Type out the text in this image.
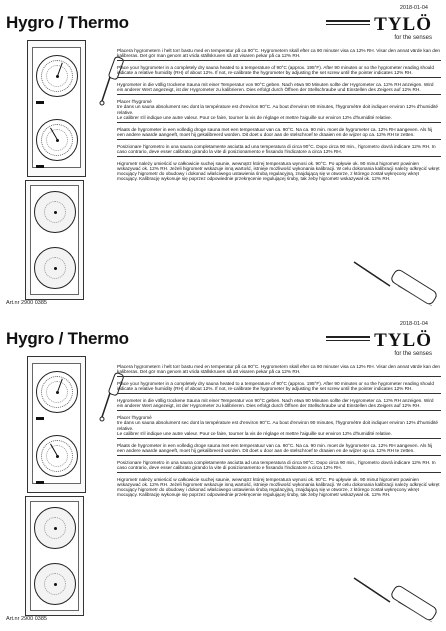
Hygro / Thermo
2018-01-04
TYLÖ
for the senses
Art.nr 2900 0385
Placera hygrometern i helt torr bastu med en temperatur på ca 90°C. Hygrometern skall efter ca 90 minuter visa ca 12% RH. Visar den annat värde kan den kalibreras. Det gör man genom att vrida ställskruven så att visaren pekar på ca 12% RH.
Place your hygrometer in a completely dry sauna heated to a temperature of 90°C (approx. 195°F). After 90 minutes or so the hygrometer reading should indicate a relative humidity (RH) of about 12%. If not, re-calibrate the hygrometer by adjusting the set screw until the pointer indicates 12% RH.
Hygrometer in die völlig trockene Sauna mit einer Temperatur von 90°C geben. Nach etwa 90 Minuten sollte der Hygrometer ca. 12% RH anzeigen. Wird ein anderer Wert angezeigt, ist der Hygrometer zu kalibrieren. Dies erfolgt durch Öffnen der Stellschraube und Einstellen des Zeigers auf 12% RH.
Placer l'hygromè
tre dans un sauna absolument sec dont la température est d'environ 90°C. Au bout d'environ 90 minutes, l'hygromètre doit indiquer environ 12% d'humidité relative.
Le calibrer s'il indique une autre valeur. Pour ce faire, tourner la vis de réglage et mettre l'aiguille sur environ 12% d'humidité relative.
Plaats de hygrometer in een volledig droge sauna met een temperatuur van ca. 90°C. Na ca. 90 min. moet de hygrometer ca. 12% RH aangeven. Als hij een andere waarde aangeeft, moet hij gekalibreerd worden. Dit doet u door aan de stelschroef te draaien en de wijzer op ca. 12% RH te zetten.
Posizionare l'igrometro in una sauna completamente asciutta ad una temperatura di circa 90°C. Dopo circa 90 min., l'igrometro dovrà indicare 12% RH. In caso contrario, deve esser calibrato girando la vite di posizionamento e fissando l'indicatore a circa 12% RH.
Higrometr należy umieścić w całkowicie suchej saunie, wewnątrz której temperatura wynosi ok. 90°C. Po upływie ok. 90 minut higrometr powinien wskazywać ok. 12% RH. Jeżeli higrometr wskazuje inną wartość, istnieje możliwość wykonania kalibracji. W celu dokonania kalibracji należy odkręcić wkręt mocujący higrometr do obudowy i dokonać właściwego ustawienia śrubą regulacyjną, znajdującą się w otworze, z którego został wykręcony wkręt mocujący. Kalibrację wykonuje się poprzez odpowiednie przekręcenie regulującej śruby, tak żeby higrometr wskazywał ok. 12% RH.
Hygro / Thermo
2018-01-04
TYLÖ
for the senses
Art.nr 2900 0385
Placera hygrometern i helt torr bastu med en temperatur på ca 90°C. Hygrometern skall efter ca 90 minuter visa ca 12% RH. Visar den annat värde kan den kalibreras. Det gör man genom att vrida ställskruven så att visaren pekar på ca 12% RH.
Place your hygrometer in a completely dry sauna heated to a temperature of 90°C (approx. 195°F). After 90 minutes or so the hygrometer reading should indicate a relative humidity (RH) of about 12%. If not, re-calibrate the hygrometer by adjusting the set screw until the pointer indicates 12% RH.
Hygrometer in die völlig trockene Sauna mit einer Temperatur von 90°C geben. Nach etwa 90 Minuten sollte der Hygrometer ca. 12% RH anzeigen. Wird ein anderer Wert angezeigt, ist der Hygrometer zu kalibrieren. Dies erfolgt durch Öffnen der Stellschraube und Einstellen des Zeigers auf 12% RH.
Placer l'hygromè
tre dans un sauna absolument sec dont la température est d'environ 90°C. Au bout d'environ 90 minutes, l'hygromètre doit indiquer environ 12% d'humidité relative.
Le calibrer s'il indique une autre valeur. Pour ce faire, tourner la vis de réglage et mettre l'aiguille sur environ 12% d'humidité relative.
Plaats de hygrometer in een volledig droge sauna met een temperatuur van ca. 90°C. Na ca. 90 min. moet de hygrometer ca. 12% RH aangeven. Als hij een andere waarde aangeeft, moet hij gekalibreerd worden. Dit doet u door aan de stelschroef te draaien en de wijzer op ca. 12% RH te zetten.
Posizionare l'igrometro in una sauna completamente asciutta ad una temperatura di circa 90°C. Dopo circa 90 min., l'igrometro dovrà indicare 12% RH. In caso contrario, deve esser calibrato girando la vite di posizionamento e fissando l'indicatore a circa 12% RH.
Higrometr należy umieścić w całkowicie suchej saunie, wewnątrz której temperatura wynosi ok. 90°C. Po upływie ok. 90 minut higrometr powinien wskazywać ok. 12% RH. Jeżeli higrometr wskazuje inną wartość, istnieje możliwość wykonania kalibracji. W celu dokonania kalibracji należy odkręcić wkręt mocujący higrometr do obudowy i dokonać właściwego ustawienia śrubą regulacyjną, znajdującą się w otworze, z którego został wykręcony wkręt mocujący. Kalibrację wykonuje się poprzez odpowiednie przekręcenie regulującej śruby, tak żeby higrometr wskazywał ok. 12% RH.
